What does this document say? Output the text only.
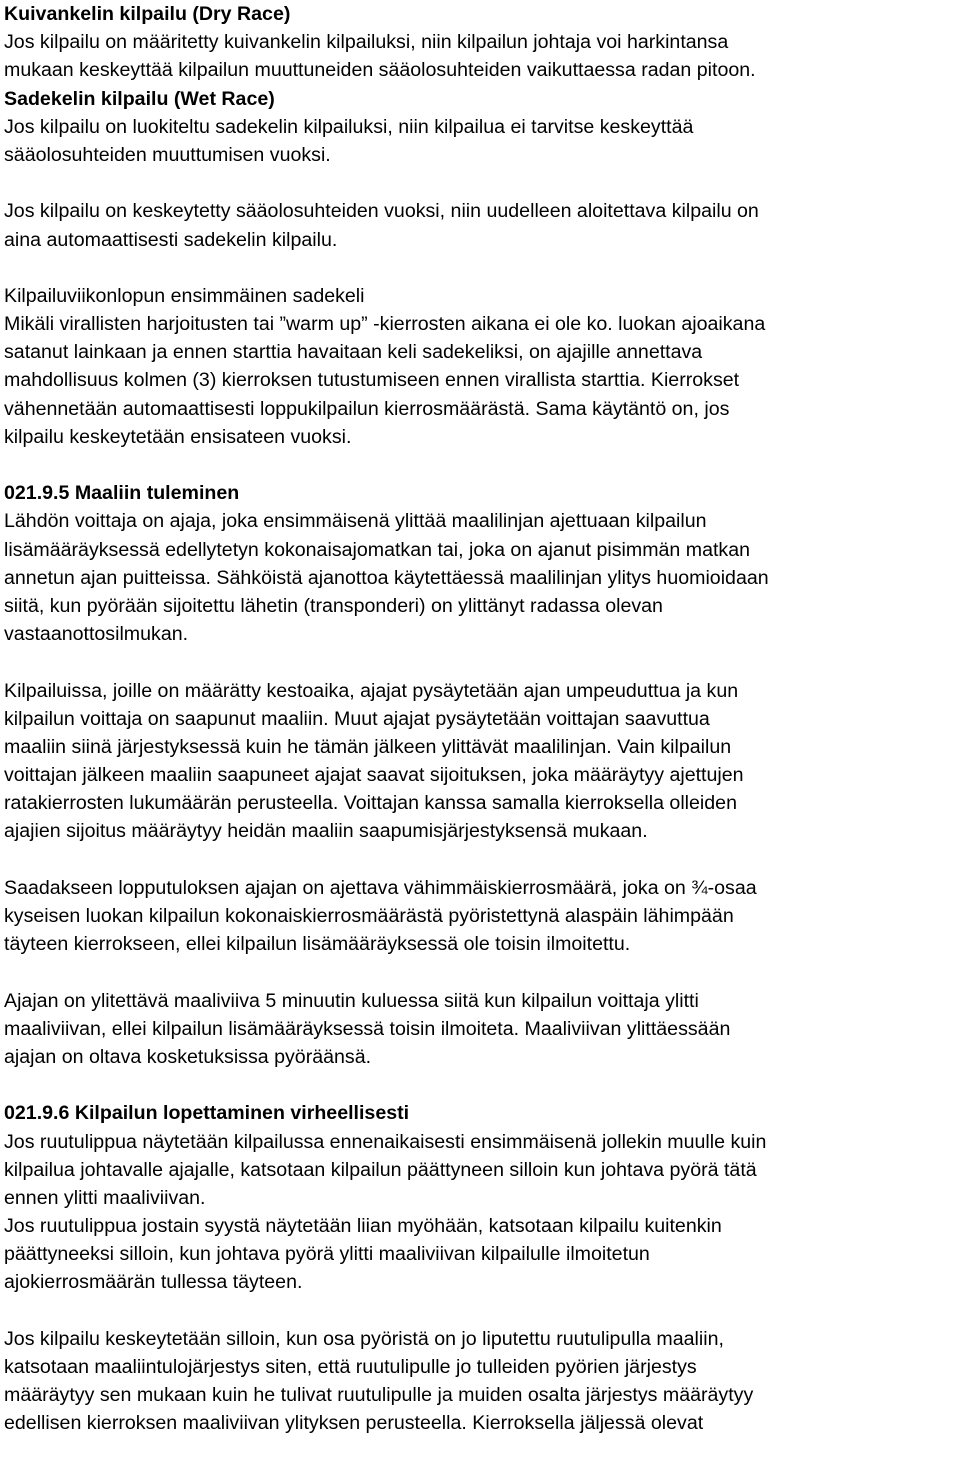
Kuivankelin kilpailu (Dry Race)
Jos kilpailu on määritetty kuivankelin kilpailuksi, niin kilpailun johtaja voi harkintansa
mukaan keskeyttää kilpailun muuttuneiden sääolosuhteiden vaikuttaessa radan pitoon.
Sadekelin kilpailu (Wet Race)
Jos kilpailu on luokiteltu sadekelin kilpailuksi, niin kilpailua ei tarvitse keskeyttää
sääolosuhteiden muuttumisen vuoksi.
Jos kilpailu on keskeytetty sääolosuhteiden vuoksi, niin uudelleen aloitettava kilpailu on
aina automaattisesti sadekelin kilpailu.
Kilpailuviikonlopun ensimmäinen sadekeli
Mikäli virallisten harjoitusten tai ”warm up” -kierrosten aikana ei ole ko. luokan ajoaikana
satanut lainkaan ja ennen starttia havaitaan keli sadekeliksi, on ajajille annettava
mahdollisuus kolmen (3) kierroksen tutustumiseen ennen virallista starttia. Kierrokset
vähennetään automaattisesti loppukilpailun kierrosmäärästä. Sama käytäntö on, jos
kilpailu keskeytetään ensisateen vuoksi.
021.9.5 Maaliin tuleminen
Lähdön voittaja on ajaja, joka ensimmäisenä ylittää maalilinjan ajettuaan kilpailun
lisämääräyksessä edellytetyn kokonaisajomatkan tai, joka on ajanut pisimmän matkan
annetun ajan puitteissa. Sähköistä ajanottoa käytettäessä maalilinjan ylitys huomioidaan
siitä, kun pyörään sijoitettu lähetin (transponderi) on ylittänyt radassa olevan
vastaanottosilmukan.
Kilpailuissa, joille on määrätty kestoaika, ajajat pysäytetään ajan umpeuduttua ja kun
kilpailun voittaja on saapunut maaliin. Muut ajajat pysäytetään voittajan saavuttua
maaliin siinä järjestyksessä kuin he tämän jälkeen ylittävät maalilinjan. Vain kilpailun
voittajan jälkeen maaliin saapuneet ajajat saavat sijoituksen, joka määräytyy ajettujen
ratakierrosten lukumäärän perusteella. Voittajan kanssa samalla kierroksella olleiden
ajajien sijoitus määräytyy heidän maaliin saapumisjärjestyksensä mukaan.
Saadakseen lopputuloksen ajajan on ajettava vähimmäiskierrosmäärä, joka on ¾-osaa
kyseisen luokan kilpailun kokonaiskierrosmäärästä pyöristettynä alaspäin lähimpään
täyteen kierrokseen, ellei kilpailun lisämääräyksessä ole toisin ilmoitettu.
Ajajan on ylitettävä maaliviiva 5 minuutin kuluessa siitä kun kilpailun voittaja ylitti
maaliviivan, ellei kilpailun lisämääräyksessä toisin ilmoiteta. Maaliviivan ylittäessään
ajajan on oltava kosketuksissa pyöräänsä.
021.9.6 Kilpailun lopettaminen virheellisesti
Jos ruutulippua näytetään kilpailussa ennenaikaisesti ensimmäisenä jollekin muulle kuin
kilpailua johtavalle ajajalle, katsotaan kilpailun päättyneen silloin kun johtava pyörä tätä
ennen ylitti maaliviivan.
Jos ruutulippua jostain syystä näytetään liian myöhään, katsotaan kilpailu kuitenkin
päättyneeksi silloin, kun johtava pyörä ylitti maaliviivan kilpailulle ilmoitetun
ajokierrosmäärän tullessa täyteen.
Jos kilpailu keskeytetään silloin, kun osa pyöristä on jo liputettu ruutulipulla maaliin,
katsotaan maaliintulojärjestys siten, että ruutulipulle jo tulleiden pyörien järjestys
määräytyy sen mukaan kuin he tulivat ruutulipulle ja muiden osalta järjestys määräytyy
edellisen kierroksen maaliviivan ylityksen perusteella. Kierroksella jäljessä olevat
